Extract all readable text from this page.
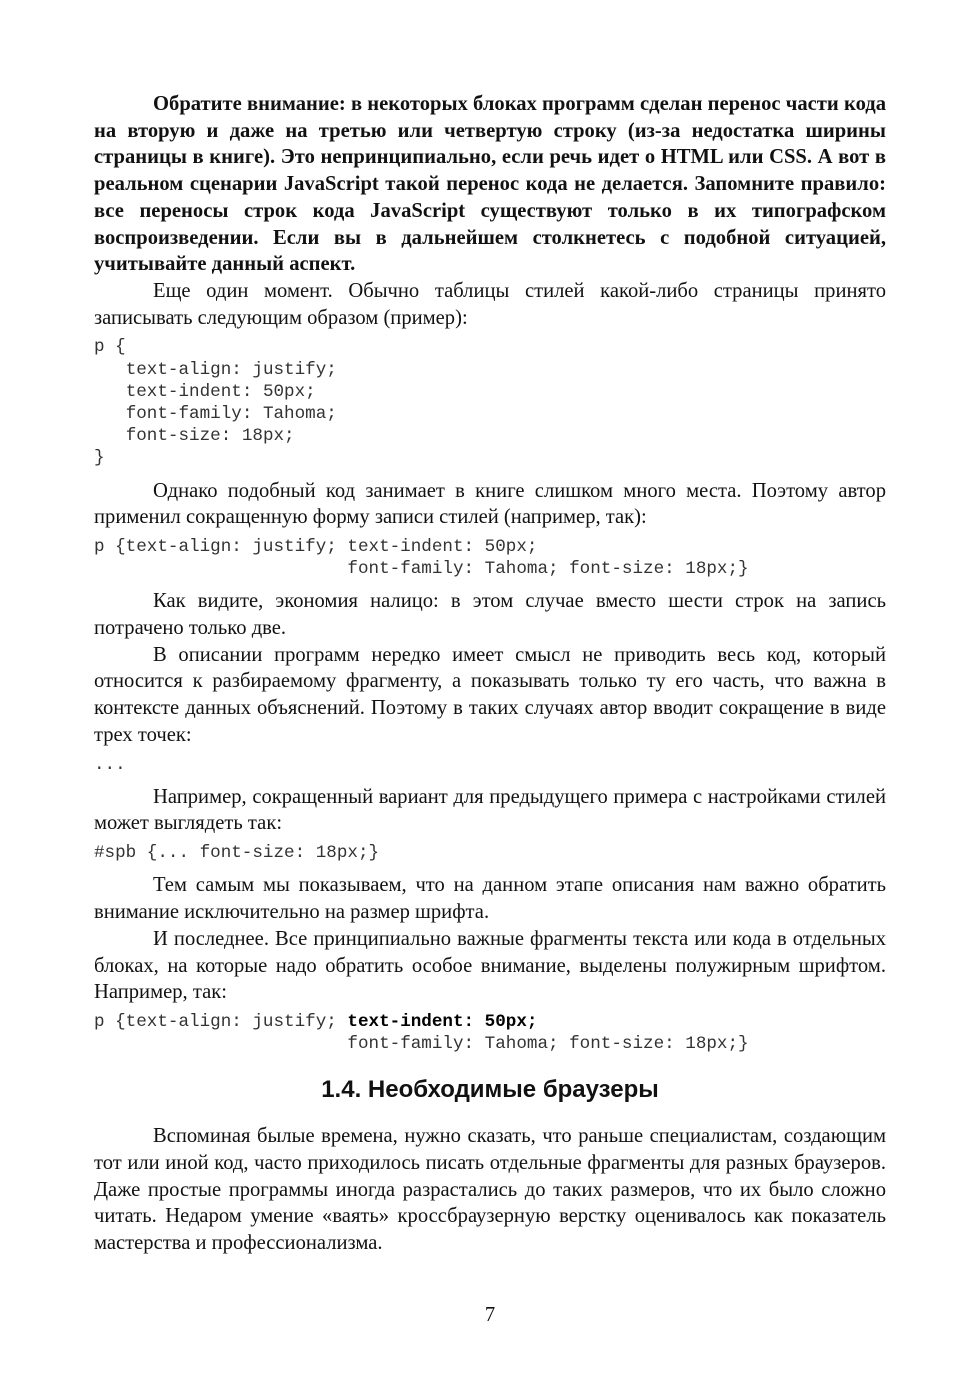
Обратите внимание: в некоторых блоках программ сделан перенос части кода на вторую и даже на третью или четвертую строку (из-за недостатка ширины страницы в книге). Это непринципиально, если речь идет о HTML или CSS. А вот в реальном сценарии JavaScript такой перенос кода не делается. Запомните правило: все переносы строк кода JavaScript существуют только в их типографском воспроизведении. Если вы в дальнейшем столкнетесь с подобной ситуацией, учитывайте данный аспект.

Еще один момент. Обычно таблицы стилей какой-либо страницы принято записывать следующим образом (пример):

p {
text-align: justify;
text-indent: 50px;
font-family: Tahoma;
font-size: 18px;
}

Однако подобный код занимает в книге слишком много места. Поэтому автор применил сокращенную форму записи стилей (например, так):

p {text-align: justify; text-indent: 50px;
font-family: Tahoma; font-size: 18px;}

Как видите, экономия налицо: в этом случае вместо шести строк на запись потрачено только две.

В описании программ нередко имеет смысл не приводить весь код, который относится к разбираемому фрагменту, а показывать только ту его часть, что важна в контексте данных объяснений. Поэтому в таких случаях автор вводит сокращение в виде трех точек:

...

Например, сокращенный вариант для предыдущего примера с настройками стилей может выглядеть так:

#spb {... font-size: 18px;}

Тем самым мы показываем, что на данном этапе описания нам важно обратить внимание исключительно на размер шрифта.

И последнее. Все принципиально важные фрагменты текста или кода в отдельных блоках, на которые надо обратить особое внимание, выделены полужирным шрифтом. Например, так:

p {text-align: justify; text-indent: 50px;
font-family: Tahoma; font-size: 18px;}
1.4. Необходимые браузеры

Вспоминая былые времена, нужно сказать, что раньше специалистам, создающим тот или иной код, часто приходилось писать отдельные фрагменты для разных браузеров. Даже простые программы иногда разрастались до таких размеров, что их было сложно читать. Недаром умение «ваять» кроссбраузерную верстку оценивалось как показатель мастерства и профессионализма.

7
